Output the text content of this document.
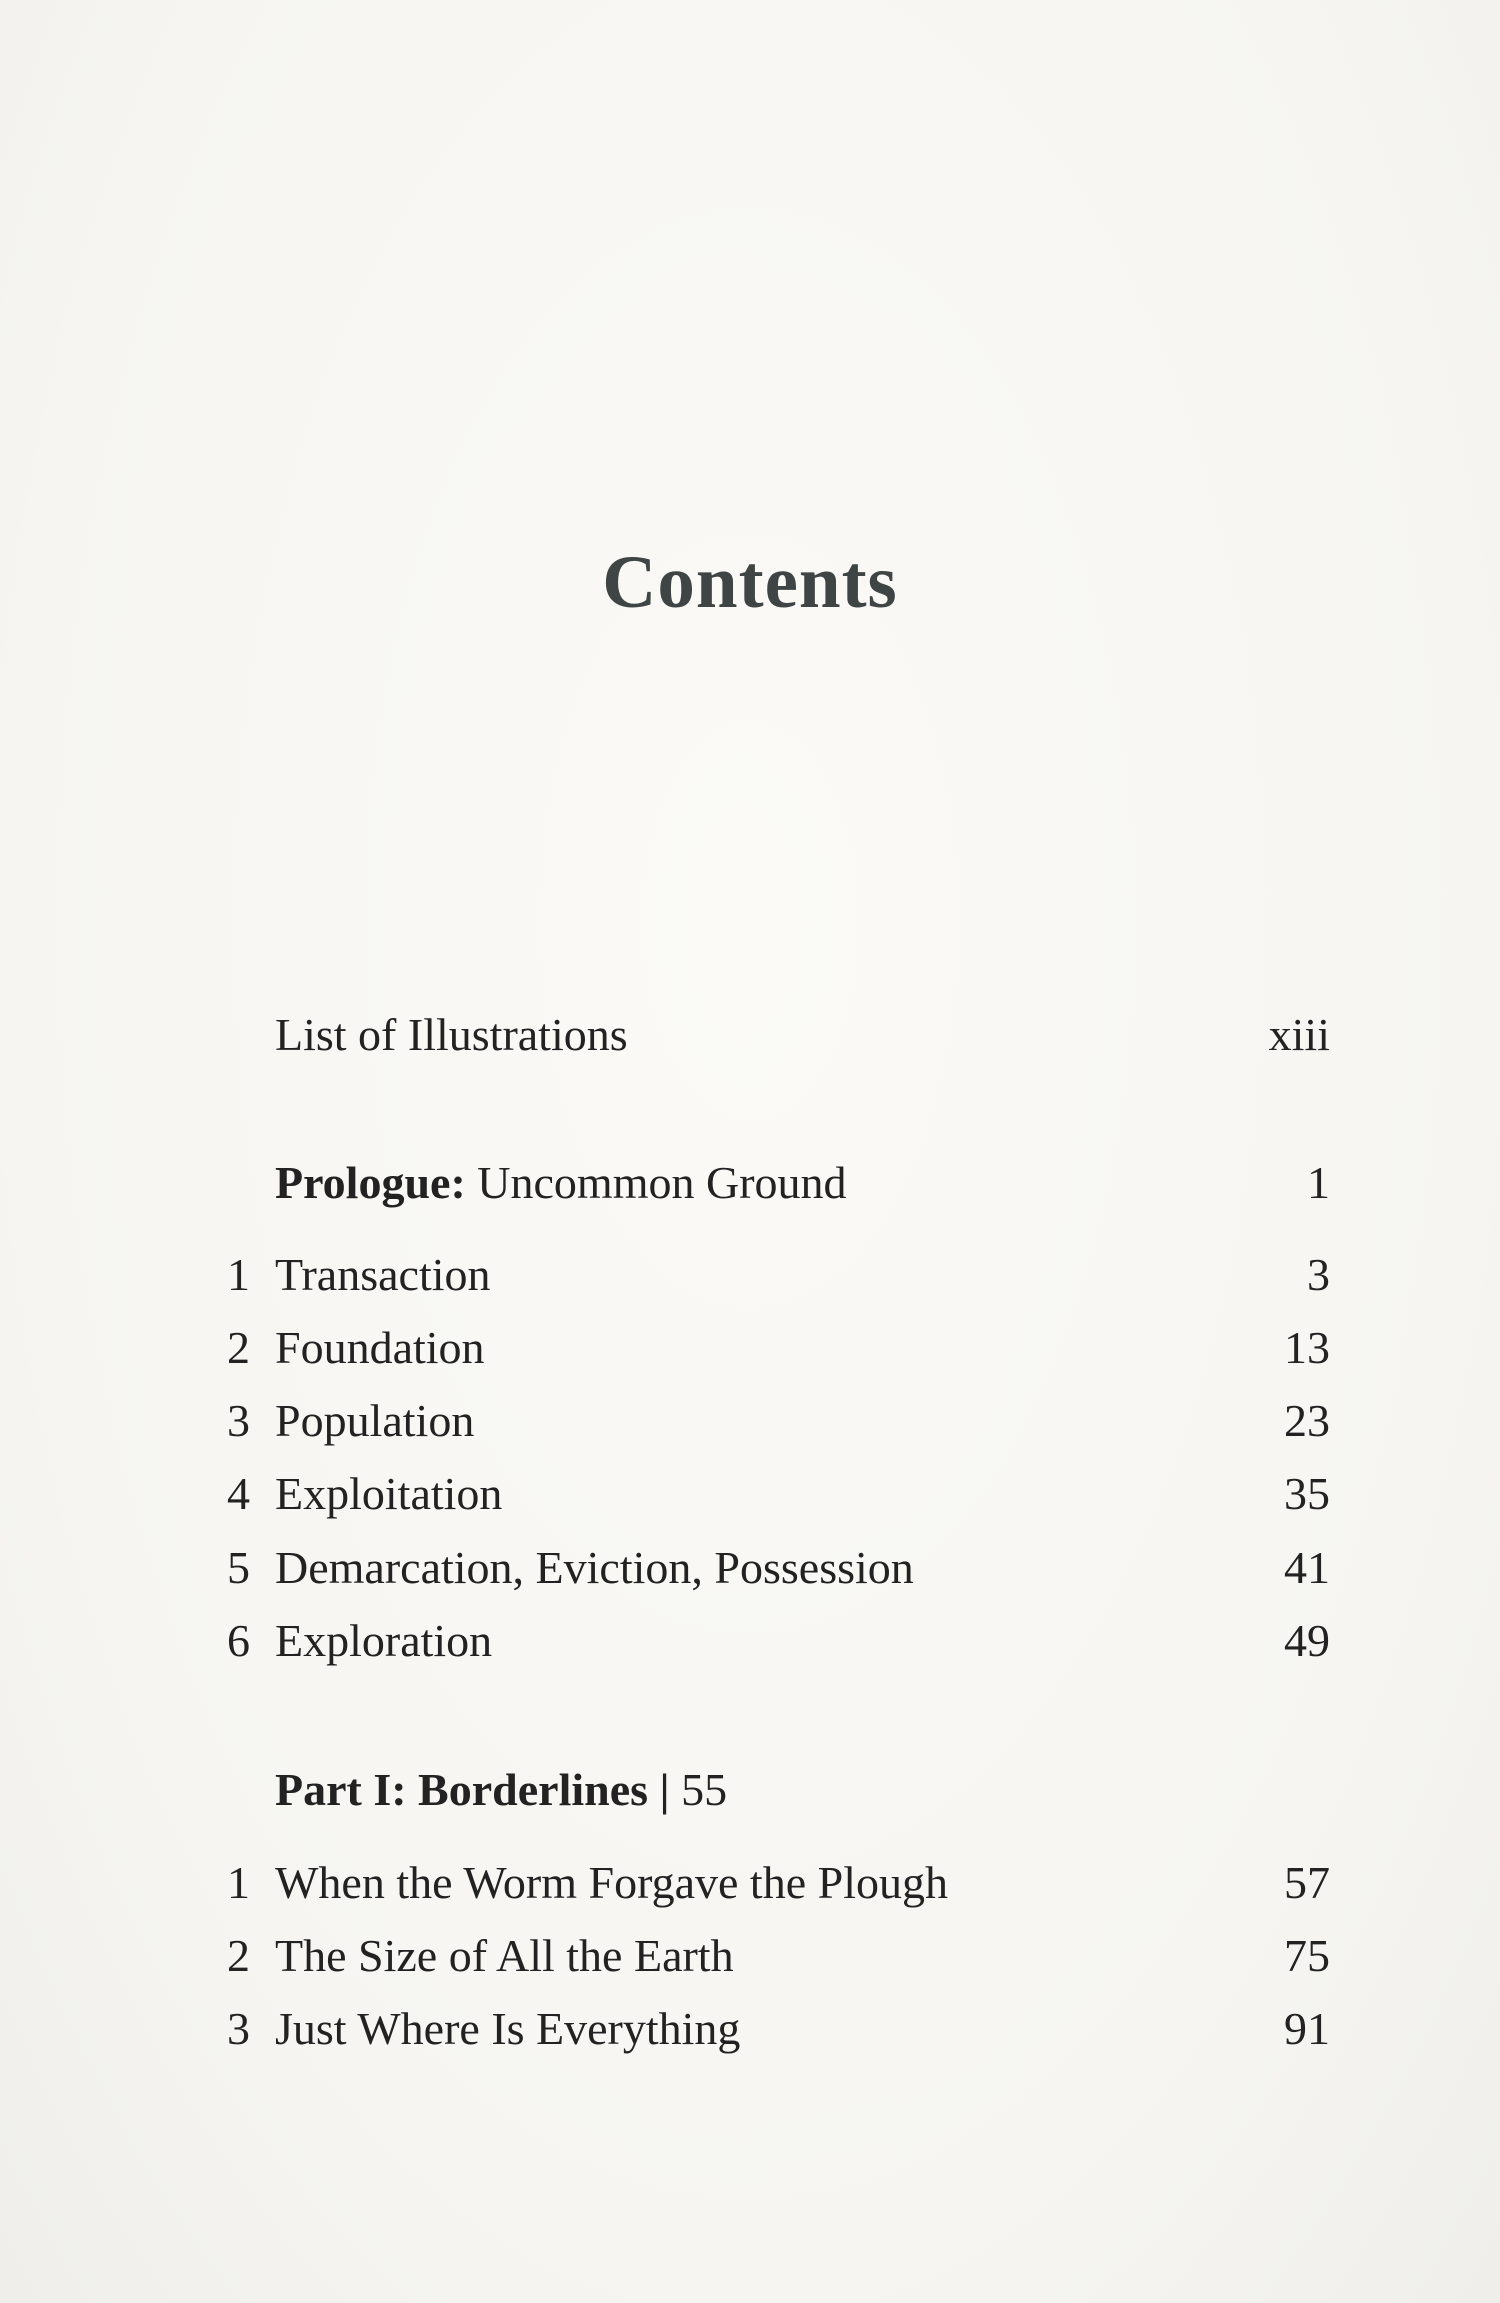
Contents
List of Illustrations	xiii
Prologue: Uncommon Ground	1
1 Transaction	3
2 Foundation	13
3 Population	23
4 Exploitation	35
5 Demarcation, Eviction, Possession	41
6 Exploration	49
Part I: Borderlines | 55
1 When the Worm Forgave the Plough	57
2 The Size of All the Earth	75
3 Just Where Is Everything	91
